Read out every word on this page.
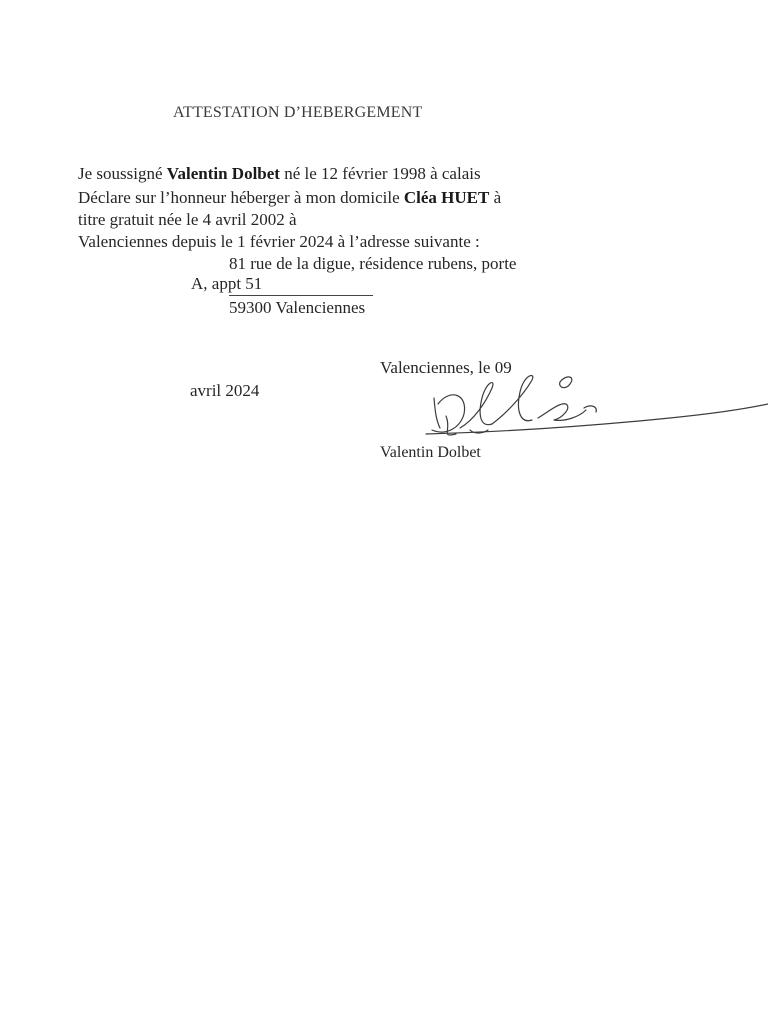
ATTESTATION D’HEBERGEMENT
Je soussigné Valentin Dolbet né le 12 février 1998 à calais
Déclare sur l’honneur héberger à mon domicile Cléa HUET à
titre gratuit née le 4 avril 2002 à
Valenciennes depuis le 1 février 2024 à l’adresse suivante :
81 rue de la digue, résidence rubens, porte
A, appt 51
59300 Valenciennes
Valenciennes, le 09
avril 2024
Valentin Dolbet
